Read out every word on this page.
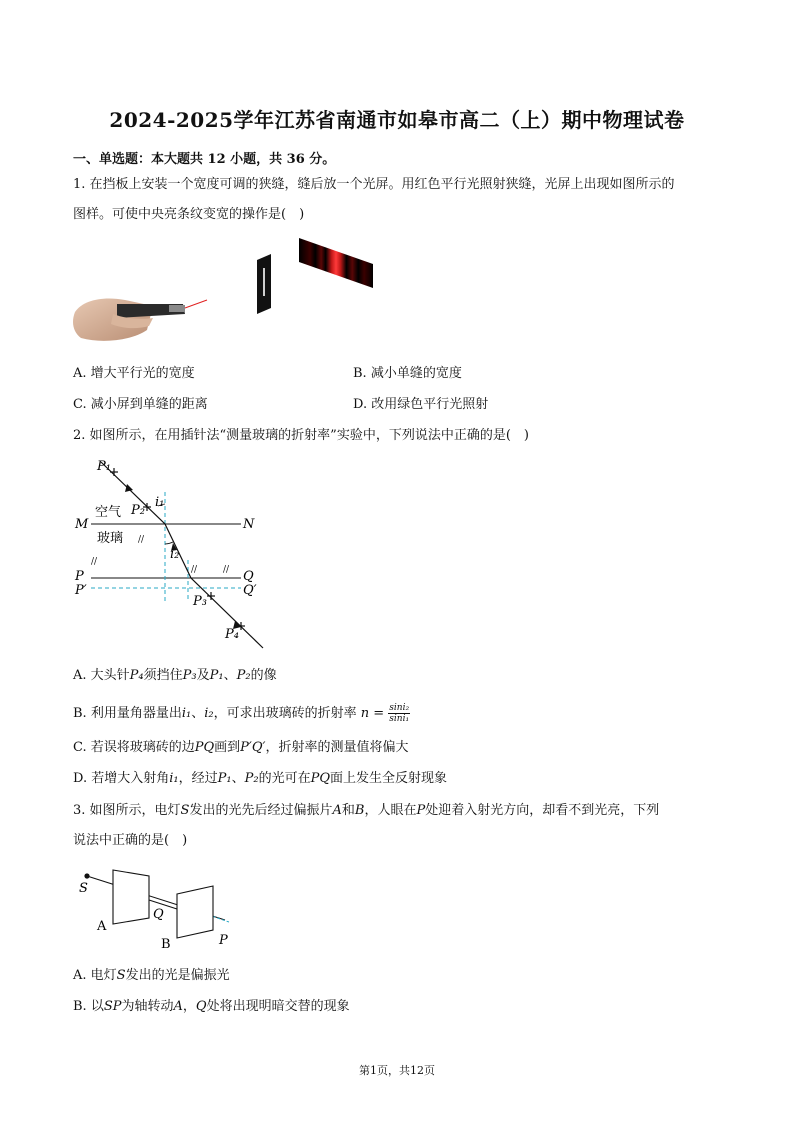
2024-2025学年江苏省南通市如皋市高二（上）期中物理试卷
一、单选题：本大题共 12 小题，共 36 分。
1. 在挡板上安装一个宽度可调的狭缝，缝后放一个光屏。用红色平行光照射狭缝，光屏上出现如图所示的
图样。可使中央亮条纹变宽的操作是(　)
A. 增大平行光的宽度	B. 减小单缝的宽度
C. 减小屏到单缝的距离	D. 改用绿色平行光照射
2. 如图所示，在用插针法“测量玻璃的折射率”实验中，下列说法中正确的是(　)
//
//	//
//
P₁
P₂
i₁
i₂
P₃
P₄
空气
玻璃
M	N
P
P′
Q
Q′
A. 大头针P₄须挡住P₃及P₁、P₂的像
B. 利用量角器量出i₁、i₂，可求出玻璃砖的折射率 $n = \frac{\text{sini₂}}{\text{sini₁}}$
C. 若误将玻璃砖的边PQ画到P′Q′，折射率的测量值将偏大
D. 若增大入射角i₁，经过P₁、P₂的光可在PQ面上发生全反射现象
3. 如图所示，电灯S发出的光先后经过偏振片A和B，人眼在P处迎着入射光方向，却看不到光亮，下列
说法中正确的是(　)
S
A
Q
B	P
A. 电灯S发出的光是偏振光
B. 以SP为轴转动A，Q处将出现明暗交替的现象
第1页，共12页
